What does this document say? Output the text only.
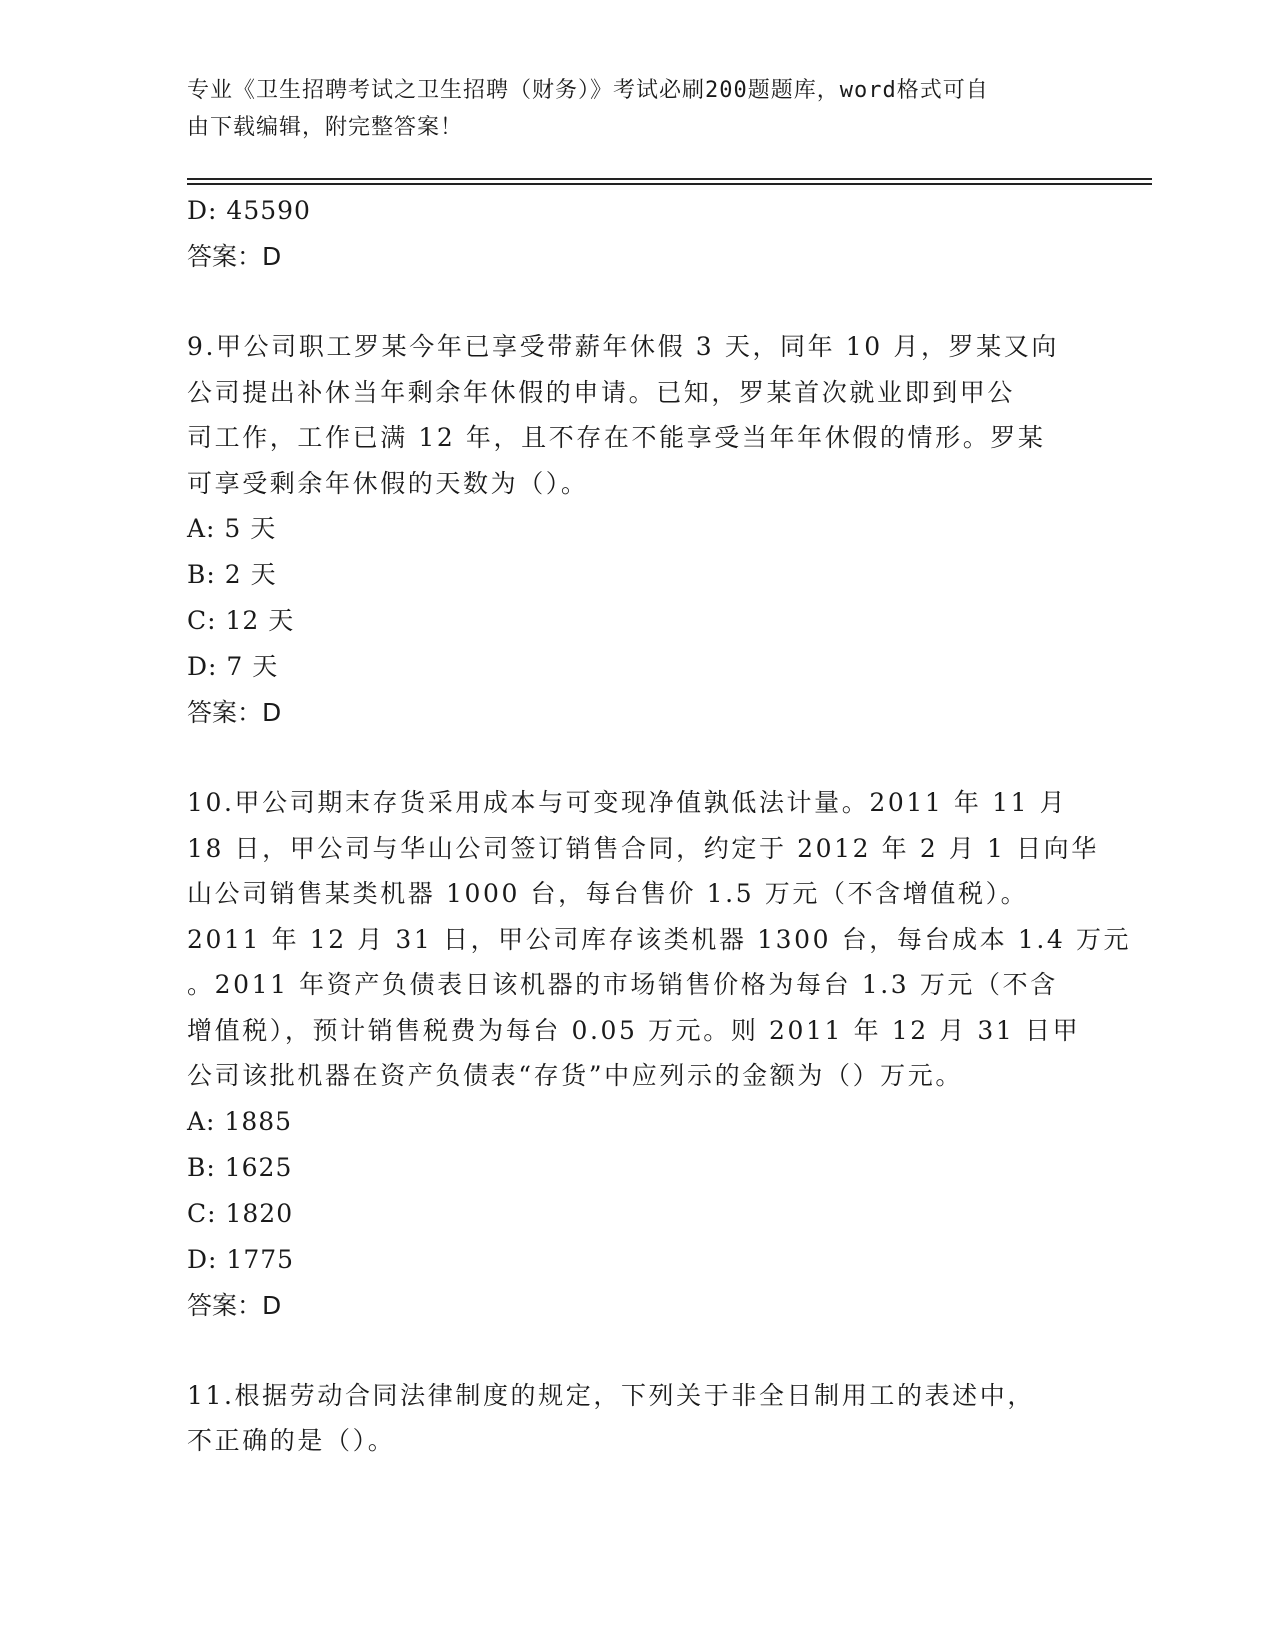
专业《卫生招聘考试之卫生招聘（财务）》考试必刷200题题库，word格式可自
由下载编辑，附完整答案！
D: 45590
答案：D
9.甲公司职工罗某今年已享受带薪年休假 3 天，同年 10 月，罗某又向
公司提出补休当年剩余年休假的申请。已知，罗某首次就业即到甲公
司工作，工作已满 12 年，且不存在不能享受当年年休假的情形。罗某
可享受剩余年休假的天数为（）。
A: 5 天
B: 2 天
C: 12 天
D: 7 天
答案：D
10.甲公司期末存货采用成本与可变现净值孰低法计量。2011 年 11 月
18 日，甲公司与华山公司签订销售合同，约定于 2012 年 2 月 1 日向华
山公司销售某类机器 1000 台，每台售价 1.5 万元（不含增值税）。
2011 年 12 月 31 日，甲公司库存该类机器 1300 台，每台成本 1.4 万元
。2011 年资产负债表日该机器的市场销售价格为每台 1.3 万元（不含
增值税），预计销售税费为每台 0.05 万元。则 2011 年 12 月 31 日甲
公司该批机器在资产负债表“存货”中应列示的金额为（）万元。
A: 1885
B: 1625
C: 1820
D: 1775
答案：D
11.根据劳动合同法律制度的规定，下列关于非全日制用工的表述中，
不正确的是（）。
